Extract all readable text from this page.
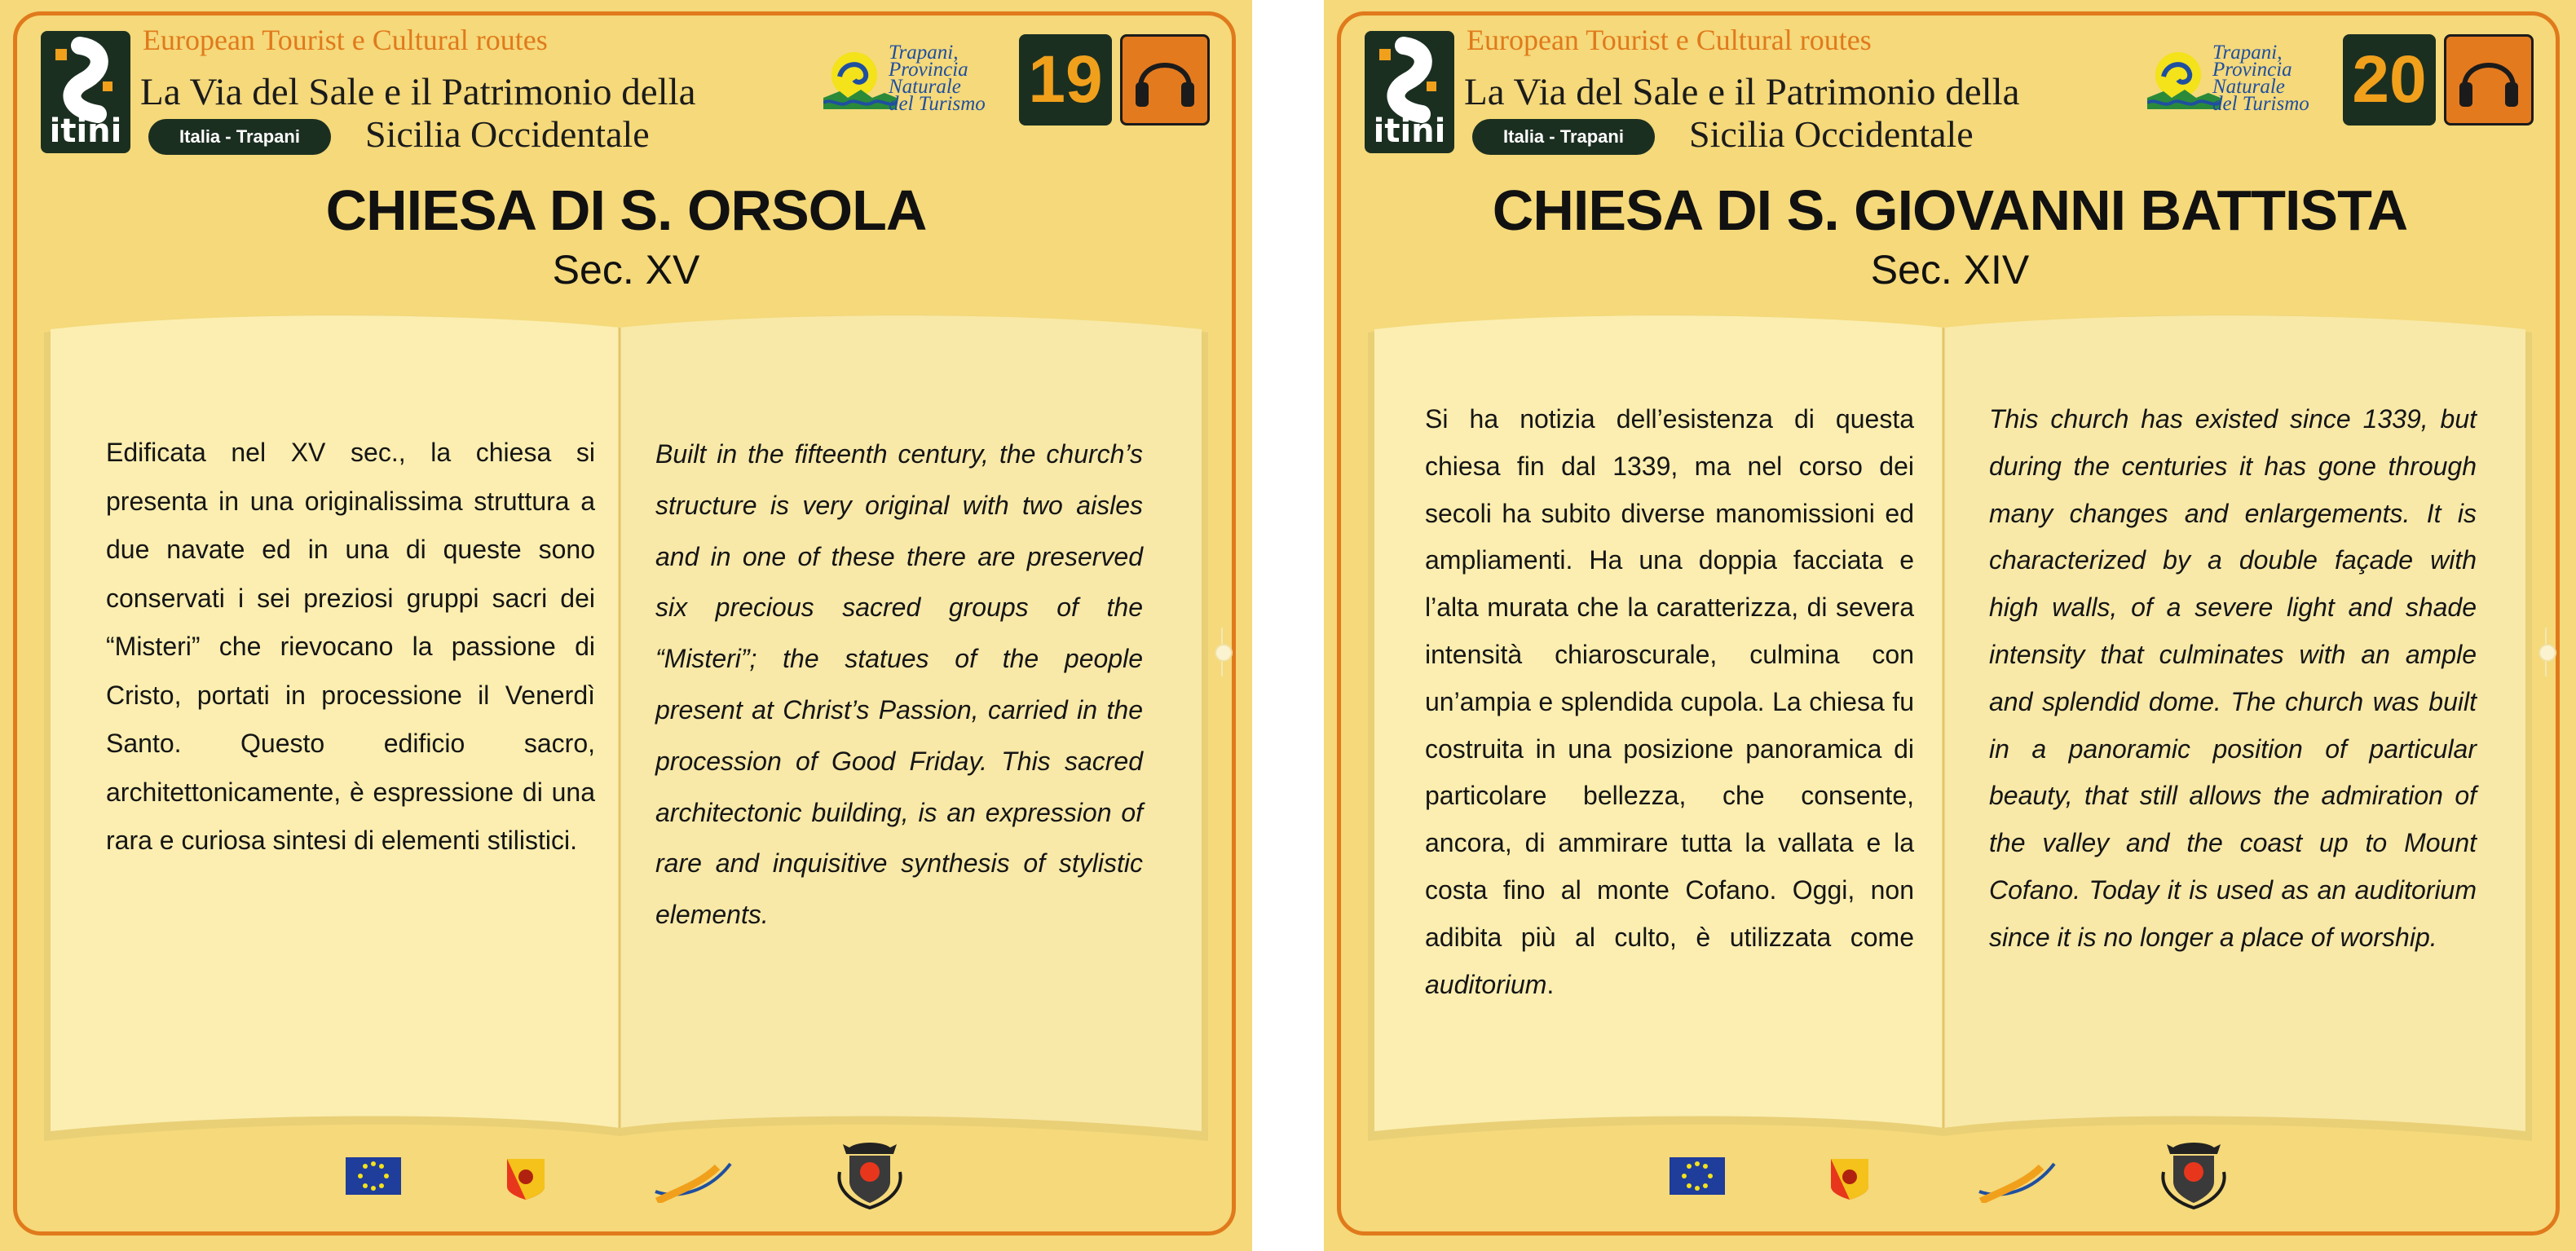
itini
European Tourist e Cultural routes
La Via del Sale e il Patrimonio della
Italia - Trapani	Sicilia Occidentale
Trapani,
Provincia
Naturale
del Turismo 19
CHIESA DI S. ORSOLA
Sec. XV
Edificata nel XV sec., la chiesa si presenta in una originalissima struttura a due navate ed in una di queste sono conservati i sei preziosi gruppi sacri dei “Misteri” che rievocano la passione di Cristo, portati in processione il Venerdì Santo. Questo edificio sacro, architettonicamente, è espressione di una rara e curiosa sintesi di elementi stilistici.
Built in the fifteenth century, the church’s structure is very original with two aisles and in one of these there are preserved six precious sacred groups of the “Misteri”; the statues of the people present at Christ’s Passion, carried in the procession of Good Friday. This sacred architectonic building, is an expression of rare and inquisitive synthesis of stylistic elements.
itini
European Tourist e Cultural routes
La Via del Sale e il Patrimonio della
Italia - Trapani	Sicilia Occidentale
Trapani,
Provincia
Naturale
del Turismo 20
CHIESA DI S. GIOVANNI BATTISTA
Sec. XIV
Si ha notizia dell’esistenza di questa chiesa fin dal 1339, ma nel corso dei secoli ha subito diverse manomissioni ed ampliamenti. Ha una doppia facciata e l’alta murata che la caratterizza, di severa intensità chiaroscurale, culmina con un’ampia e splendida cupola. La chiesa fu costruita in una posizione panoramica di particolare bellezza, che consente, ancora, di ammirare tutta la vallata e la costa fino al monte Cofano. Oggi, non adibita più al culto, è utilizzata come auditorium.
This church has existed since 1339, but during the centuries it has gone through many changes and enlargements. It is characterized by a double façade with high walls, of a severe light and shade intensity that culminates with an ample and splendid dome. The church was built in a panoramic position of particular beauty, that still allows the admiration of the valley and the coast up to Mount Cofano. Today it is used as an auditorium since it is no longer a place of worship.
